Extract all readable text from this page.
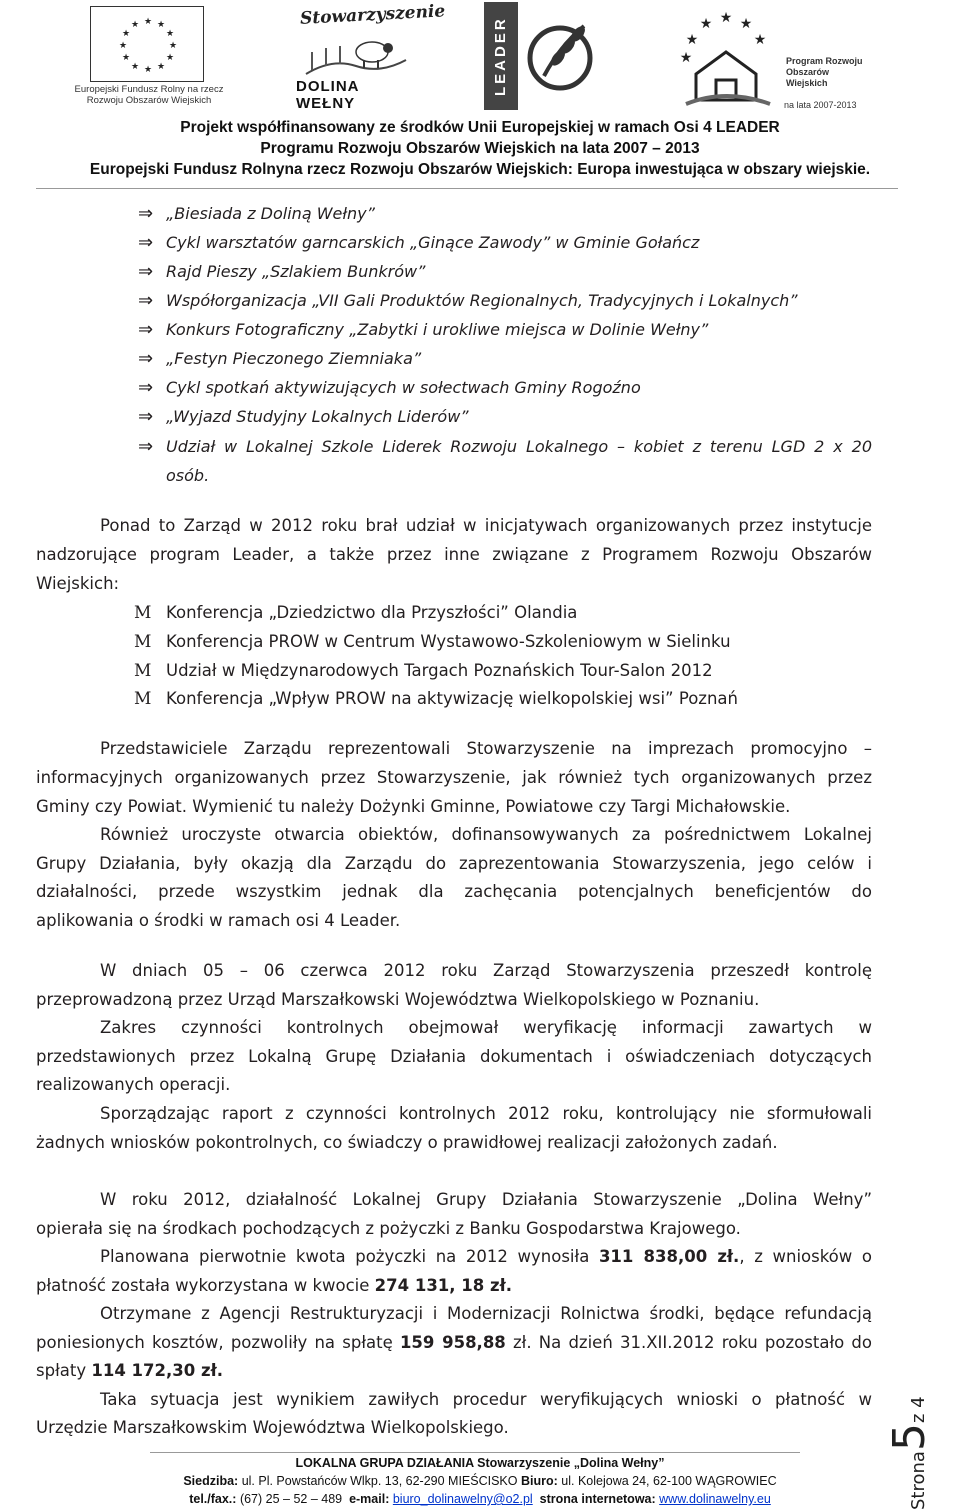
★ ★
★
★
★
★
★
★
★
★
★
★
Europejski Fundusz Rolny na rzecz Rozwoju Obszarów Wiejskich
Stowarzyszenie
DOLINA WEŁNY
LEADER	★ ★
★
★
★
★	Program Rozwoju Obszarów Wiejskich
na lata 2007-2013
Projekt współfinansowany ze środków Unii Europejskiej w ramach Osi 4 LEADER
Programu Rozwoju Obszarów Wiejskich na lata 2007 – 2013
Europejski Fundusz Rolnyna rzecz Rozwoju Obszarów Wiejskich: Europa inwestująca w obszary wiejskie.
⇒ „Biesiada z Doliną Wełny”
⇒ Cykl warsztatów garncarskich „Ginące Zawody” w Gminie Gołańcz
⇒ Rajd Pieszy „Szlakiem Bunkrów”
⇒ Współorganizacja „VII Gali Produktów Regionalnych, Tradycyjnych i Lokalnych”
⇒ Konkurs Fotograficzny „Zabytki i urokliwe miejsca w Dolinie Wełny”
⇒ „Festyn Pieczonego Ziemniaka”
⇒ Cykl spotkań aktywizujących w sołectwach Gminy Rogoźno
⇒ „Wyjazd Studyjny Lokalnych Liderów”
⇒ Udział w Lokalnej Szkole Liderek Rozwoju Lokalnego – kobiet z terenu LGD 2 x 20
osób.
Ponad to Zarząd w 2012 roku brał udział w inicjatywach organizowanych przez instytucje
nadzorujące program Leader, a także przez inne związane z Programem Rozwoju Obszarów
Wiejskich:
M Konferencja „Dziedzictwo dla Przyszłości” Olandia
M Konferencja PROW w Centrum Wystawowo-Szkoleniowym w Sielinku
M Udział w Międzynarodowych Targach Poznańskich Tour-Salon 2012
M Konferencja „Wpływ PROW na aktywizację wielkopolskiej wsi” Poznań
Przedstawiciele Zarządu reprezentowali Stowarzyszenie na imprezach promocyjno –
informacyjnych organizowanych przez Stowarzyszenie, jak również tych organizowanych przez
Gminy czy Powiat. Wymienić tu należy Dożynki Gminne, Powiatowe czy Targi Michałowskie.
Również uroczyste otwarcia obiektów, dofinansowywanych za pośrednictwem Lokalnej
Grupy Działania, były okazją dla Zarządu do zaprezentowania Stowarzyszenia, jego celów i
działalności, przede wszystkim jednak dla zachęcania potencjalnych beneficjentów do
aplikowania o środki w ramach osi 4 Leader.
W dniach 05 – 06 czerwca 2012 roku Zarząd Stowarzyszenia przeszedł kontrolę
przeprowadzoną przez Urząd Marszałkowski Województwa Wielkopolskiego w Poznaniu.
Zakres czynności kontrolnych obejmował weryfikację informacji zawartych w
przedstawionych przez Lokalną Grupę Działania dokumentach i oświadczeniach dotyczących
realizowanych operacji.
Sporządzając raport z czynności kontrolnych 2012 roku, kontrolujący nie sformułowali
żadnych wniosków pokontrolnych, co świadczy o prawidłowej realizacji założonych zadań.
W roku 2012, działalność Lokalnej Grupy Działania Stowarzyszenie „Dolina Wełny”
opierała się na środkach pochodzących z pożyczki z Banku Gospodarstwa Krajowego.
Planowana pierwotnie kwota pożyczki na 2012 wynosiła 311 838,00 zł., z wniosków o
płatność została wykorzystana w kwocie 274 131, 18 zł.
Otrzymane z Agencji Restrukturyzacji i Modernizacji Rolnictwa środki, będące refundacją
poniesionych kosztów, pozwoliły na spłatę 159 958,88 zł. Na dzień 31.XII.2012 roku pozostało do
spłaty 114 172,30 zł.
Taka sytuacja jest wynikiem zawiłych procedur weryfikujących wnioski o płatność w
Urzędzie Marszałkowskim Województwa Wielkopolskiego.
Strona5z 4
LOKALNA GRUPA DZIAŁANIA Stowarzyszenie „Dolina Wełny”
Siedziba: ul. Pl. Powstańców Wlkp. 13, 62-290 MIEŚCISKO Biuro: ul. Kolejowa 24, 62-100 WĄGROWIEC
tel./fax.: (67) 25 – 52 – 489 e-mail: biuro_dolinawelny@o2.pl strona internetowa: www.dolinawelny.eu
